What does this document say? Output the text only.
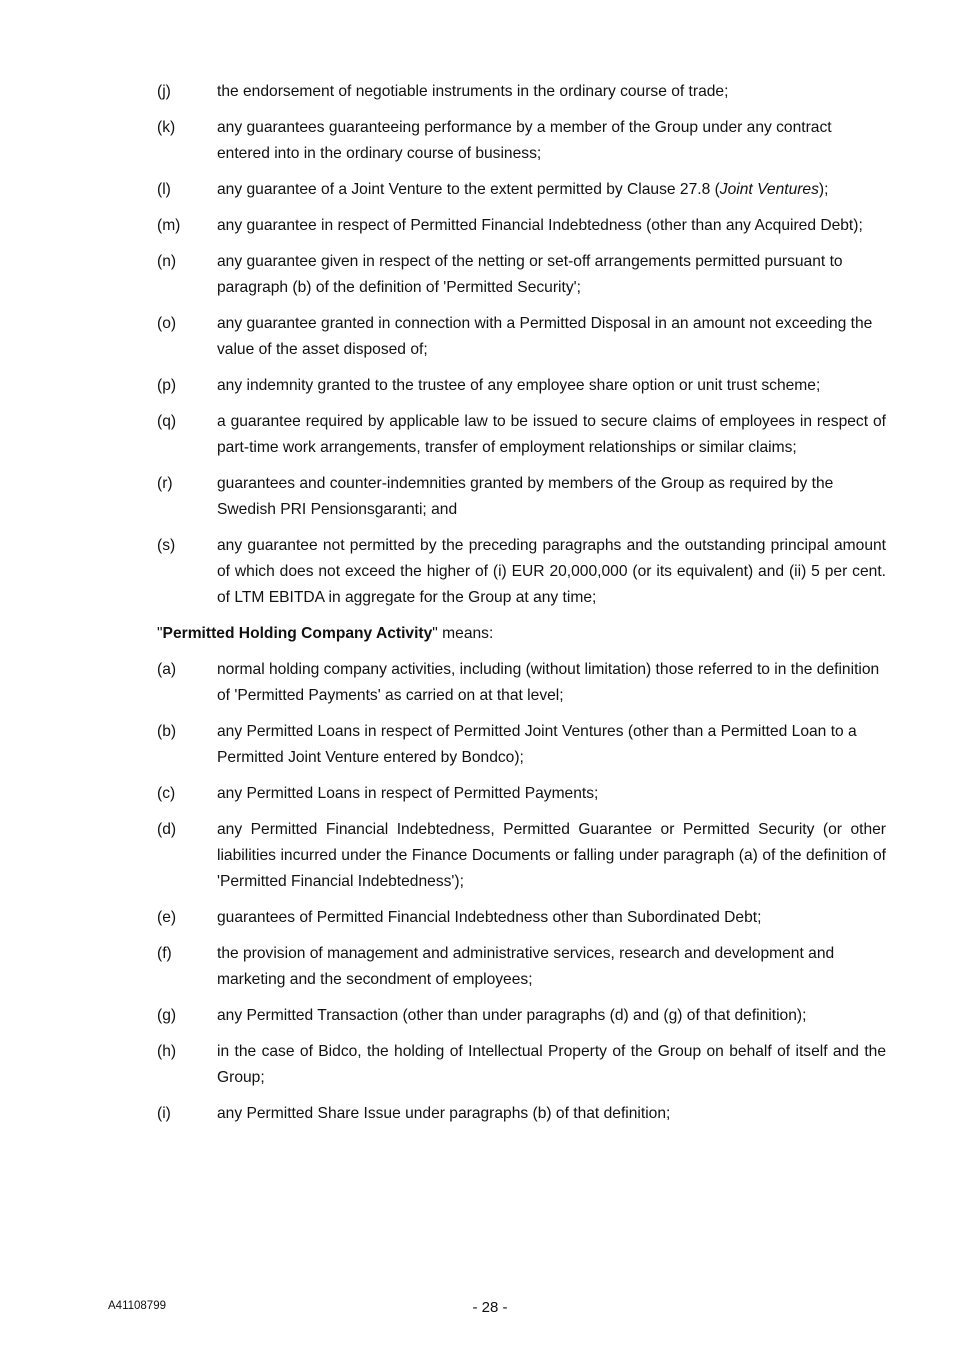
(j)	the endorsement of negotiable instruments in the ordinary course of trade;
(k)	any guarantees guaranteeing performance by a member of the Group under any contract entered into in the ordinary course of business;
(l)	any guarantee of a Joint Venture to the extent permitted by Clause 27.8 (Joint Ventures);
(m)	any guarantee in respect of Permitted Financial Indebtedness (other than any Acquired Debt);
(n)	any guarantee given in respect of the netting or set-off arrangements permitted pursuant to paragraph (b) of the definition of 'Permitted Security';
(o)	any guarantee granted in connection with a Permitted Disposal in an amount not exceeding the value of the asset disposed of;
(p)	any indemnity granted to the trustee of any employee share option or unit trust scheme;
(q)	a guarantee required by applicable law to be issued to secure claims of employees in respect of part-time work arrangements, transfer of employment relationships or similar claims;
(r)	guarantees and counter-indemnities granted by members of the Group as required by the Swedish PRI Pensionsgaranti; and
(s)	any guarantee not permitted by the preceding paragraphs and the outstanding principal amount of which does not exceed the higher of (i) EUR 20,000,000 (or its equivalent) and (ii) 5 per cent. of LTM EBITDA in aggregate for the Group at any time;
"Permitted Holding Company Activity" means:
(a)	normal holding company activities, including (without limitation) those referred to in the definition of 'Permitted Payments' as carried on at that level;
(b)	any Permitted Loans in respect of Permitted Joint Ventures (other than a Permitted Loan to a Permitted Joint Venture entered by Bondco);
(c)	any Permitted Loans in respect of Permitted Payments;
(d)	any Permitted Financial Indebtedness, Permitted Guarantee or Permitted Security (or other liabilities incurred under the Finance Documents or falling under paragraph (a) of the definition of 'Permitted Financial Indebtedness');
(e)	guarantees of Permitted Financial Indebtedness other than Subordinated Debt;
(f)	the provision of management and administrative services, research and development and marketing and the secondment of employees;
(g)	any Permitted Transaction (other than under paragraphs (d) and (g) of that definition);
(h)	in the case of Bidco, the holding of Intellectual Property of the Group on behalf of itself and the Group;
(i)	any Permitted Share Issue under paragraphs (b) of that definition;
A41108799	- 28 -
